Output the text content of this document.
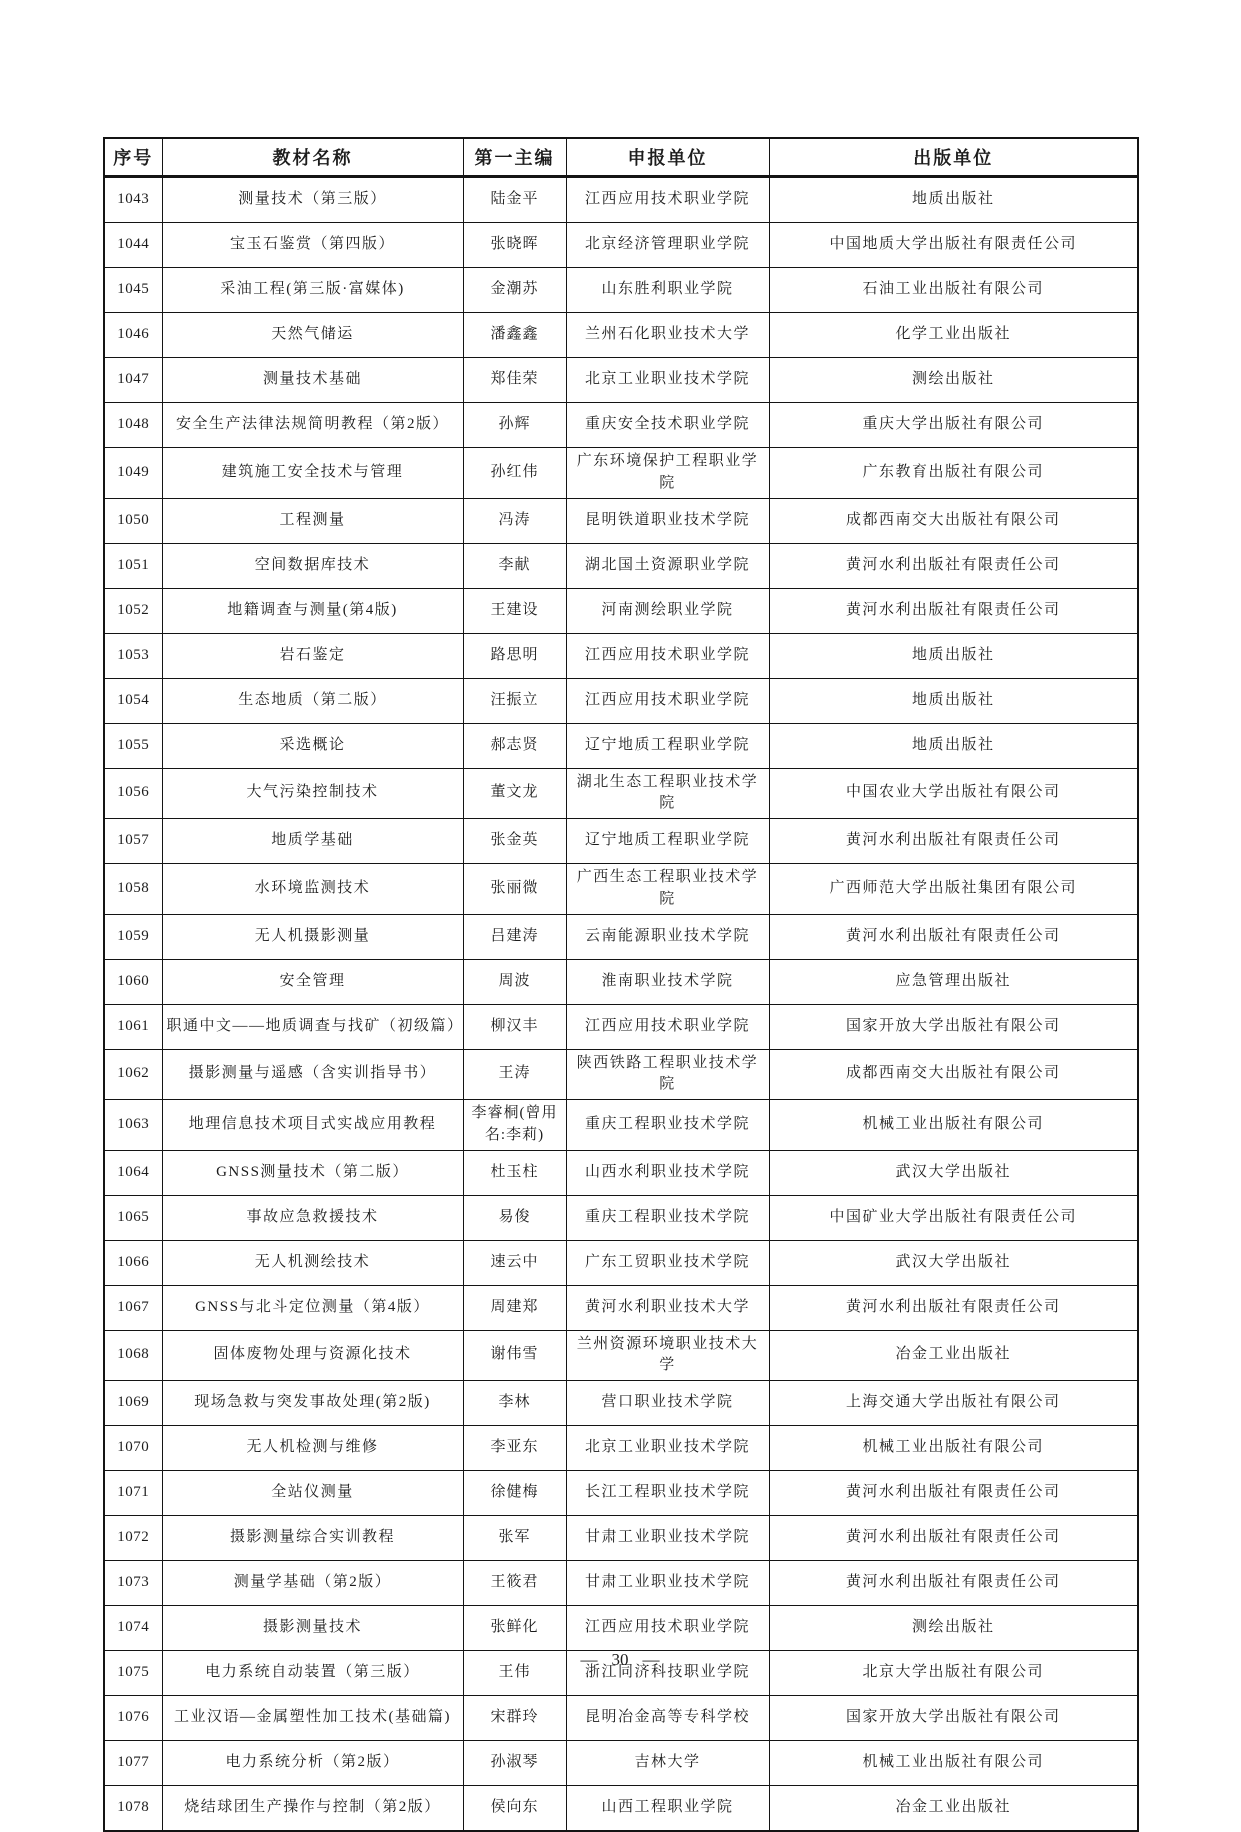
序号	教材名称	第一主编	申报单位	出版单位
1043	测量技术（第三版）	陆金平	江西应用技术职业学院	地质出版社
1044	宝玉石鉴赏（第四版）	张晓晖	北京经济管理职业学院	中国地质大学出版社有限责任公司
1045	采油工程(第三版·富媒体)	金潮苏	山东胜利职业学院	石油工业出版社有限公司
1046	天然气储运	潘鑫鑫	兰州石化职业技术大学	化学工业出版社
1047	测量技术基础	郑佳荣	北京工业职业技术学院	测绘出版社
1048	安全生产法律法规简明教程（第2版）	孙辉	重庆安全技术职业学院	重庆大学出版社有限公司
1049	建筑施工安全技术与管理	孙红伟	广东环境保护工程职业学院	广东教育出版社有限公司
1050	工程测量	冯涛	昆明铁道职业技术学院	成都西南交大出版社有限公司
1051	空间数据库技术	李献	湖北国土资源职业学院	黄河水利出版社有限责任公司
1052	地籍调查与测量(第4版)	王建设	河南测绘职业学院	黄河水利出版社有限责任公司
1053	岩石鉴定	路思明	江西应用技术职业学院	地质出版社
1054	生态地质（第二版）	汪振立	江西应用技术职业学院	地质出版社
1055	采选概论	郝志贤	辽宁地质工程职业学院	地质出版社
1056	大气污染控制技术	董文龙	湖北生态工程职业技术学院	中国农业大学出版社有限公司
1057	地质学基础	张金英	辽宁地质工程职业学院	黄河水利出版社有限责任公司
1058	水环境监测技术	张丽微	广西生态工程职业技术学院	广西师范大学出版社集团有限公司
1059	无人机摄影测量	吕建涛	云南能源职业技术学院	黄河水利出版社有限责任公司
1060	安全管理	周波	淮南职业技术学院	应急管理出版社
1061	职通中文——地质调查与找矿（初级篇）	柳汉丰	江西应用技术职业学院	国家开放大学出版社有限公司
1062	摄影测量与遥感（含实训指导书）	王涛	陕西铁路工程职业技术学院	成都西南交大出版社有限公司
1063	地理信息技术项目式实战应用教程	李睿桐(曾用名:李莉)	重庆工程职业技术学院	机械工业出版社有限公司
1064	GNSS测量技术（第二版）	杜玉柱	山西水利职业技术学院	武汉大学出版社
1065	事故应急救援技术	易俊	重庆工程职业技术学院	中国矿业大学出版社有限责任公司
1066	无人机测绘技术	速云中	广东工贸职业技术学院	武汉大学出版社
1067	GNSS与北斗定位测量（第4版）	周建郑	黄河水利职业技术大学	黄河水利出版社有限责任公司
1068	固体废物处理与资源化技术	谢伟雪	兰州资源环境职业技术大学	冶金工业出版社
1069	现场急救与突发事故处理(第2版)	李林	营口职业技术学院	上海交通大学出版社有限公司
1070	无人机检测与维修	李亚东	北京工业职业技术学院	机械工业出版社有限公司
1071	全站仪测量	徐健梅	长江工程职业技术学院	黄河水利出版社有限责任公司
1072	摄影测量综合实训教程	张军	甘肃工业职业技术学院	黄河水利出版社有限责任公司
1073	测量学基础（第2版）	王筱君	甘肃工业职业技术学院	黄河水利出版社有限责任公司
1074	摄影测量技术	张鲜化	江西应用技术职业学院	测绘出版社
1075	电力系统自动装置（第三版）	王伟	浙江同济科技职业学院	北京大学出版社有限公司
1076	工业汉语—金属塑性加工技术(基础篇)	宋群玲	昆明冶金高等专科学校	国家开放大学出版社有限公司
1077	电力系统分析（第2版）	孙淑琴	吉林大学	机械工业出版社有限公司
1078	烧结球团生产操作与控制（第2版）	侯向东	山西工程职业学院	冶金工业出版社
— 30 —
